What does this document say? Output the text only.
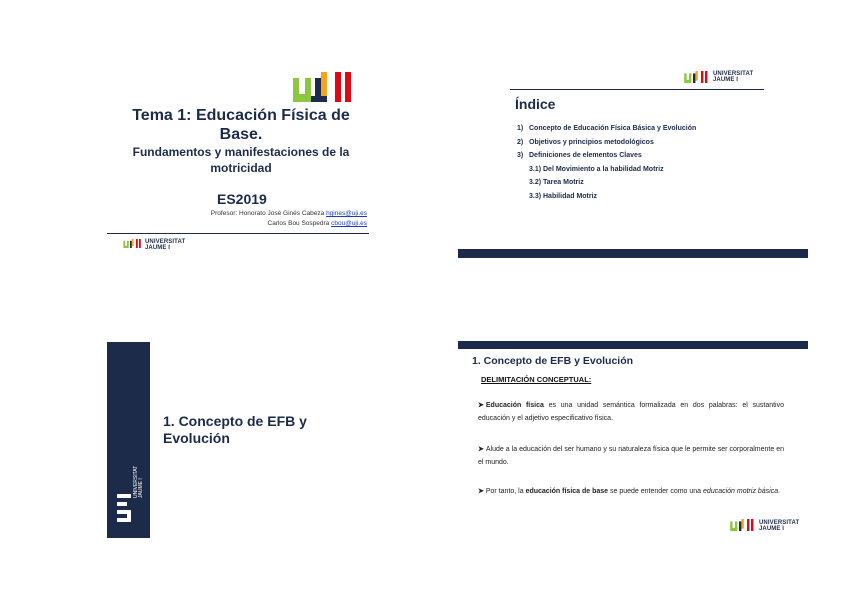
Tema 1: Educación Física de
Base.
Fundamentos y manifestaciones de la
motricidad
ES2019
Profesor: Honorato José Ginés Cabeza hgines@uji.es
Carlos Bou Sospedra cbou@uji.es
UNIVERSITAT
JAUME I
UNIVERSITAT
JAUME I
Índice
1) Concepto de Educación Física Básica y Evolución
2) Objetivos y principios metodológicos
3) Definiciones de elementos Claves
3.1) Del Movimiento a la habilidad Motriz
3.2) Tarea Motriz
3.3) Habilidad Motriz
UNIVERSITAT JAUME I
1. Concepto de EFB y
Evolución
1. Concepto de EFB y Evolución
DELIMITACIÓN CONCEPTUAL:
➤ Educación física es una unidad semántica formalizada en dos palabras: el sustantivo educación y el adjetivo especificativo física.
➤ Alude a la educación del ser humano y su naturaleza física que le permite ser corporalmente en el mundo.
➤ Por tanto, la educación física de base se puede entender como una educación motriz básica.
UNIVERSITAT
JAUME I
